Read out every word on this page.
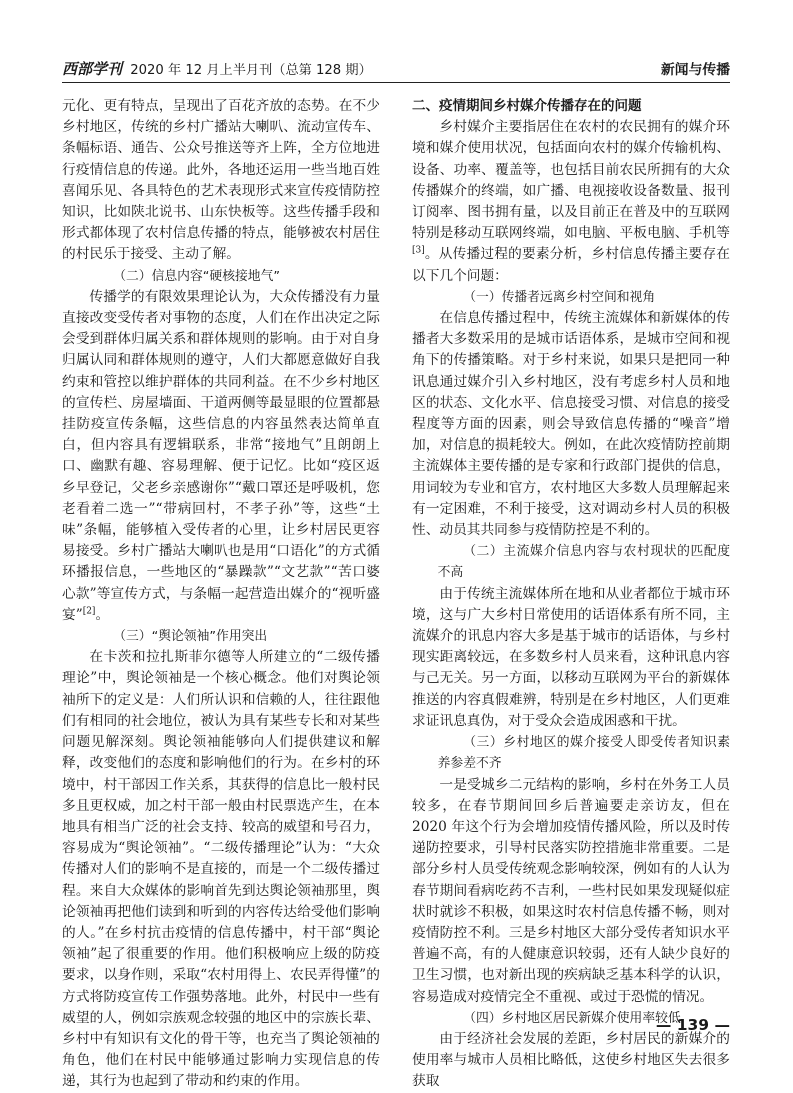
西部学刊 2020 年 12 月上半月刊（总第 128 期）	新闻与传播

元化、更有特点，呈现出了百花齐放的态势。在不少乡村地区，传统的乡村广播站大喇叭、流动宣传车、条幅标语、通告、公众号推送等齐上阵，全方位地进行疫情信息的传递。此外，各地还运用一些当地百姓喜闻乐见、各具特色的艺术表现形式来宣传疫情防控知识，比如陕北说书、山东快板等。这些传播手段和形式都体现了农村信息传播的特点，能够被农村居住的村民乐于接受、主动了解。

（二）信息内容“硬核接地气”

传播学的有限效果理论认为，大众传播没有力量直接改变受传者对事物的态度，人们在作出决定之际会受到群体归属关系和群体规则的影响。由于对自身归属认同和群体规则的遵守，人们大都愿意做好自我约束和管控以维护群体的共同利益。在不少乡村地区的宣传栏、房屋墙面、干道两侧等最显眼的位置都悬挂防疫宣传条幅，这些信息的内容虽然表达简单直白，但内容具有逻辑联系，非常“接地气”且朗朗上口、幽默有趣、容易理解、便于记忆。比如“疫区返乡早登记，父老乡亲感谢你”“戴口罩还是呼吸机，您老看着二选一”“带病回村，不孝子孙”等，这些“土味”条幅，能够植入受传者的心里，让乡村居民更容易接受。乡村广播站大喇叭也是用“口语化”的方式循环播报信息，一些地区的“暴躁款”“文艺款”“苦口婆心款”等宣传方式，与条幅一起营造出媒介的“视听盛宴”[2]。

（三）“舆论领袖”作用突出

在卡茨和拉扎斯菲尔德等人所建立的“二级传播理论”中，舆论领袖是一个核心概念。他们对舆论领袖所下的定义是：人们所认识和信赖的人，往往跟他们有相同的社会地位，被认为具有某些专长和对某些问题见解深刻。舆论领袖能够向人们提供建议和解释，改变他们的态度和影响他们的行为。在乡村的环境中，村干部因工作关系，其获得的信息比一般村民多且更权威，加之村干部一般由村民票选产生，在本地具有相当广泛的社会支持、较高的威望和号召力，容易成为“舆论领袖”。“二级传播理论”认为：“大众传播对人们的影响不是直接的，而是一个二级传播过程。来自大众媒体的影响首先到达舆论领袖那里，舆论领袖再把他们读到和听到的内容传达给受他们影响的人。”在乡村抗击疫情的信息传播中，村干部“舆论领袖”起了很重要的作用。他们积极响应上级的防疫要求，以身作则，采取“农村用得上、农民弄得懂”的方式将防疫宣传工作强势落地。此外，村民中一些有威望的人，例如宗族观念较强的地区中的宗族长辈、乡村中有知识有文化的骨干等，也充当了舆论领袖的角色，他们在村民中能够通过影响力实现信息的传递，其行为也起到了带动和约束的作用。

二、疫情期间乡村媒介传播存在的问题

乡村媒介主要指居住在农村的农民拥有的媒介环境和媒介使用状况，包括面向农村的媒介传输机构、设备、功率、覆盖等，也包括目前农民所拥有的大众传播媒介的终端，如广播、电视接收设备数量、报刊订阅率、图书拥有量，以及目前正在普及中的互联网特别是移动互联网终端，如电脑、平板电脑、手机等[3]。从传播过程的要素分析，乡村信息传播主要存在以下几个问题：

（一）传播者远离乡村空间和视角

在信息传播过程中，传统主流媒体和新媒体的传播者大多数采用的是城市话语体系，是城市空间和视角下的传播策略。对于乡村来说，如果只是把同一种讯息通过媒介引入乡村地区，没有考虑乡村人员和地区的状态、文化水平、信息接受习惯、对信息的接受程度等方面的因素，则会导致信息传播的“噪音”增加，对信息的损耗较大。例如，在此次疫情防控前期主流媒体主要传播的是专家和行政部门提供的信息，用词较为专业和官方，农村地区大多数人员理解起来有一定困难，不利于接受，这对调动乡村人员的积极性、动员其共同参与疫情防控是不利的。

（二）主流媒介信息内容与农村现状的匹配度不高

由于传统主流媒体所在地和从业者都位于城市环境，这与广大乡村日常使用的话语体系有所不同，主流媒介的讯息内容大多是基于城市的话语体，与乡村现实距离较远，在多数乡村人员来看，这种讯息内容与己无关。另一方面，以移动互联网为平台的新媒体推送的内容真假难辨，特别是在乡村地区，人们更难求证讯息真伪，对于受众会造成困惑和干扰。

（三）乡村地区的媒介接受人即受传者知识素养参差不齐

一是受城乡二元结构的影响，乡村在外务工人员较多，在春节期间回乡后普遍要走亲访友，但在 2020 年这个行为会增加疫情传播风险，所以及时传递防控要求，引导村民落实防控措施非常重要。二是部分乡村人员受传统观念影响较深，例如有的人认为春节期间看病吃药不吉利，一些村民如果发现疑似症状时就诊不积极，如果这时农村信息传播不畅，则对疫情防控不利。三是乡村地区大部分受传者知识水平普遍不高，有的人健康意识较弱，还有人缺少良好的卫生习惯，也对新出现的疾病缺乏基本科学的认识，容易造成对疫情完全不重视、或过于恐慌的情况。

（四）乡村地区居民新媒介使用率较低

由于经济社会发展的差距，乡村居民的新媒介的使用率与城市人员相比略低，这使乡村地区失去很多获取

— 139 —
